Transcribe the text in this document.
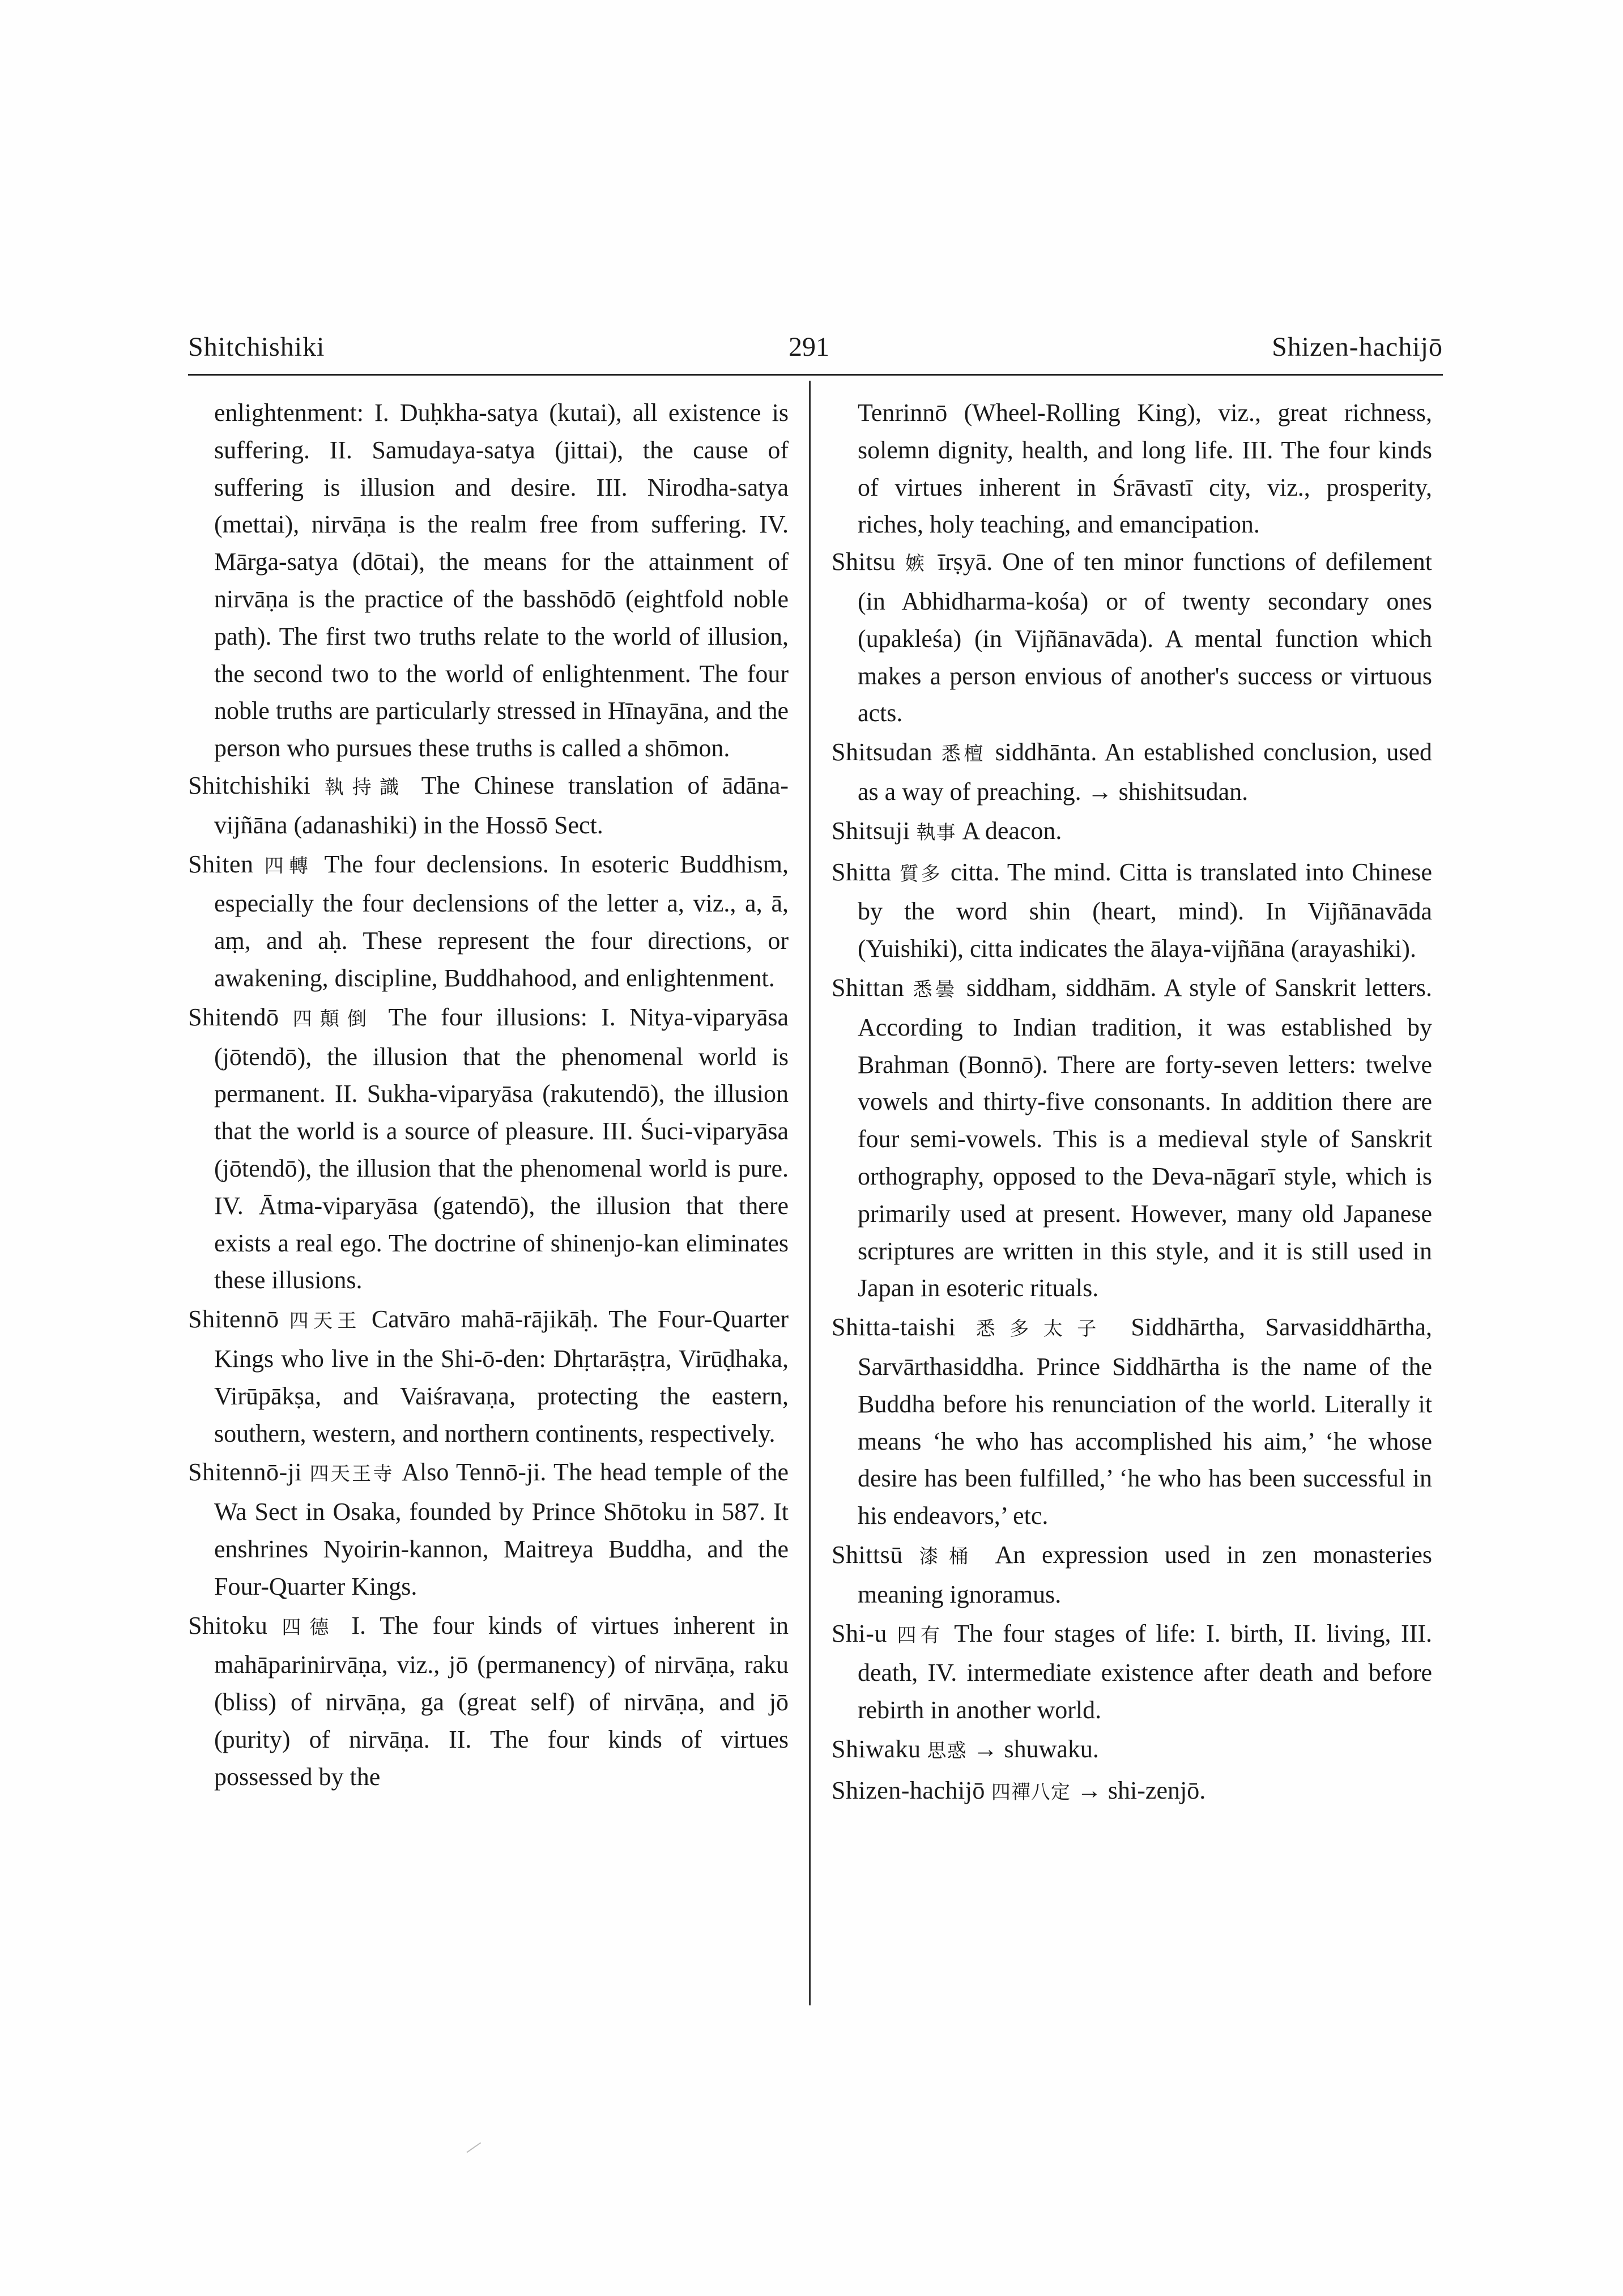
Shitchishiki	291	Shizen-hachijō
enlightenment: I. Duḥkha-satya (kutai), all existence is suffering. II. Samudaya-satya (jittai), the cause of suffering is illusion and desire. III. Nirodha-satya (mettai), nirvāṇa is the realm free from suffering. IV. Mārga-satya (dōtai), the means for the attainment of nirvāṇa is the practice of the basshōdō (eightfold noble path). The first two truths relate to the world of illusion, the second two to the world of enlightenment. The four noble truths are particularly stressed in Hīnayāna, and the person who pursues these truths is called a shōmon.
Shitchishiki 執持識 The Chinese translation of ādāna-vijñāna (adanashiki) in the Hossō Sect.
Shiten 四轉 The four declensions. In esoteric Buddhism, especially the four declensions of the letter a, viz., a, ā, aṃ, and aḥ. These represent the four directions, or awakening, discipline, Buddhahood, and enlightenment.
Shitendō 四顛倒 The four illusions: I. Nitya-viparyāsa (jōtendō), the illusion that the phenomenal world is permanent. II. Sukha-viparyāsa (rakutendō), the illusion that the world is a source of pleasure. III. Śuci-viparyāsa (jōtendō), the illusion that the phenomenal world is pure. IV. Ātma-viparyāsa (gatendō), the illusion that there exists a real ego. The doctrine of shinenjo-kan eliminates these illusions.
Shitennō 四天王 Catvāro mahā-rājikāḥ. The Four-Quarter Kings who live in the Shi-ō-den: Dhṛtarāṣṭra, Virūḍhaka, Virūpākṣa, and Vaiśravaṇa, protecting the eastern, southern, western, and northern continents, respectively.
Shitennō-ji 四天王寺 Also Tennō-ji. The head temple of the Wa Sect in Osaka, founded by Prince Shōtoku in 587. It enshrines Nyoirin-kannon, Maitreya Buddha, and the Four-Quarter Kings.
Shitoku 四德 I. The four kinds of virtues inherent in mahāparinirvāṇa, viz., jō (permanency) of nirvāṇa, raku (bliss) of nirvāṇa, ga (great self) of nirvāṇa, and jō (purity) of nirvāṇa. II. The four kinds of virtues possessed by the
Tenrinnō (Wheel-Rolling King), viz., great richness, solemn dignity, health, and long life. III. The four kinds of virtues inherent in Śrāvastī city, viz., prosperity, riches, holy teaching, and emancipation.
Shitsu 嫉 īrṣyā. One of ten minor functions of defilement (in Abhidharma-kośa) or of twenty secondary ones (upakleśa) (in Vijñānavāda). A mental function which makes a person envious of another's success or virtuous acts.
Shitsudan 悉檀 siddhānta. An established conclusion, used as a way of preaching. → shishitsudan.
Shitsuji 執事 A deacon.
Shitta 質多 citta. The mind. Citta is translated into Chinese by the word shin (heart, mind). In Vijñānavāda (Yuishiki), citta indicates the ālaya-vijñāna (arayashiki).
Shittan 悉曇 siddham, siddhām. A style of Sanskrit letters. According to Indian tradition, it was established by Brahman (Bonnō). There are forty-seven letters: twelve vowels and thirty-five consonants. In addition there are four semi-vowels. This is a medieval style of Sanskrit orthography, opposed to the Deva-nāgarī style, which is primarily used at present. However, many old Japanese scriptures are written in this style, and it is still used in Japan in esoteric rituals.
Shitta-taishi 悉多太子 Siddhārtha, Sarvasiddhārtha, Sarvārthasiddha. Prince Siddhārtha is the name of the Buddha before his renunciation of the world. Literally it means ‘he who has accomplished his aim,’ ‘he whose desire has been fulfilled,’ ‘he who has been successful in his endeavors,’ etc.
Shittsū 漆桶 An expression used in zen monasteries meaning ignoramus.
Shi-u 四有 The four stages of life: I. birth, II. living, III. death, IV. intermediate existence after death and before rebirth in another world.
Shiwaku 思惑 → shuwaku.
Shizen-hachijō 四禪八定 → shi-zenjō.
